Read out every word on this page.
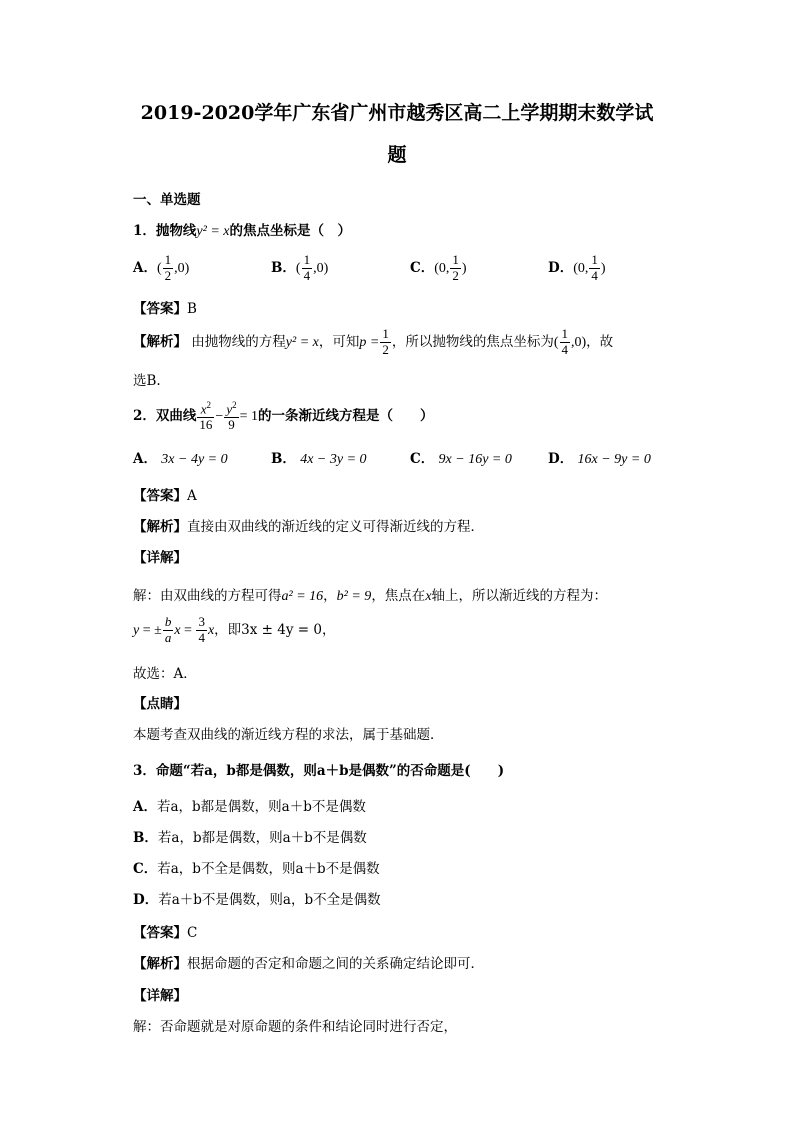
2019-2020学年广东省广州市越秀区高二上学期期末数学试
题
一、单选题
1．抛物线y² = x的焦点坐标是（　）
A．( $\frac{1}{2} ,0$)	B．( $\frac{1}{4} ,0$)	C．(0, $\frac{1}{2}$ )	D．(0, $\frac{1}{4}$ )
【答案】B
【解析】 由抛物线的方程y² = x，可知$p = \frac{1}{2}$ ，所以抛物线的焦点坐标为( $\frac{1}{4} ,0$)，故
选B.
2．双曲线 $\frac{x^2}{16} - \frac{y^2}{9} = 1$的一条渐近线方程是（　　）
A． 3x − 4y = 0	B． 4x − 3y = 0	C． 9x − 16y = 0	D． 16x − 9y = 0
【答案】A
【解析】直接由双曲线的渐近线的定义可得渐近线的方程．
【详解】
解：由双曲线的方程可得a² = 16，b² = 9，焦点在x轴上，所以渐近线的方程为：
y = ± $\frac{b}{a}$ $x = \frac{3}{4}$ x，即3x ± 4y = 0，
故选：A．
【点睛】
本题考查双曲线的渐近线方程的求法，属于基础题．
3．命题“若a，b都是偶数，则a＋b是偶数”的否命题是(　　)
A．若a，b都是偶数，则a＋b不是偶数
B．若a，b都是偶数，则a＋b不是偶数
C．若a，b不全是偶数，则a＋b不是偶数
D．若a＋b不是偶数，则a，b不全是偶数
【答案】C
【解析】根据命题的否定和命题之间的关系确定结论即可．
【详解】
解：否命题就是对原命题的条件和结论同时进行否定，
